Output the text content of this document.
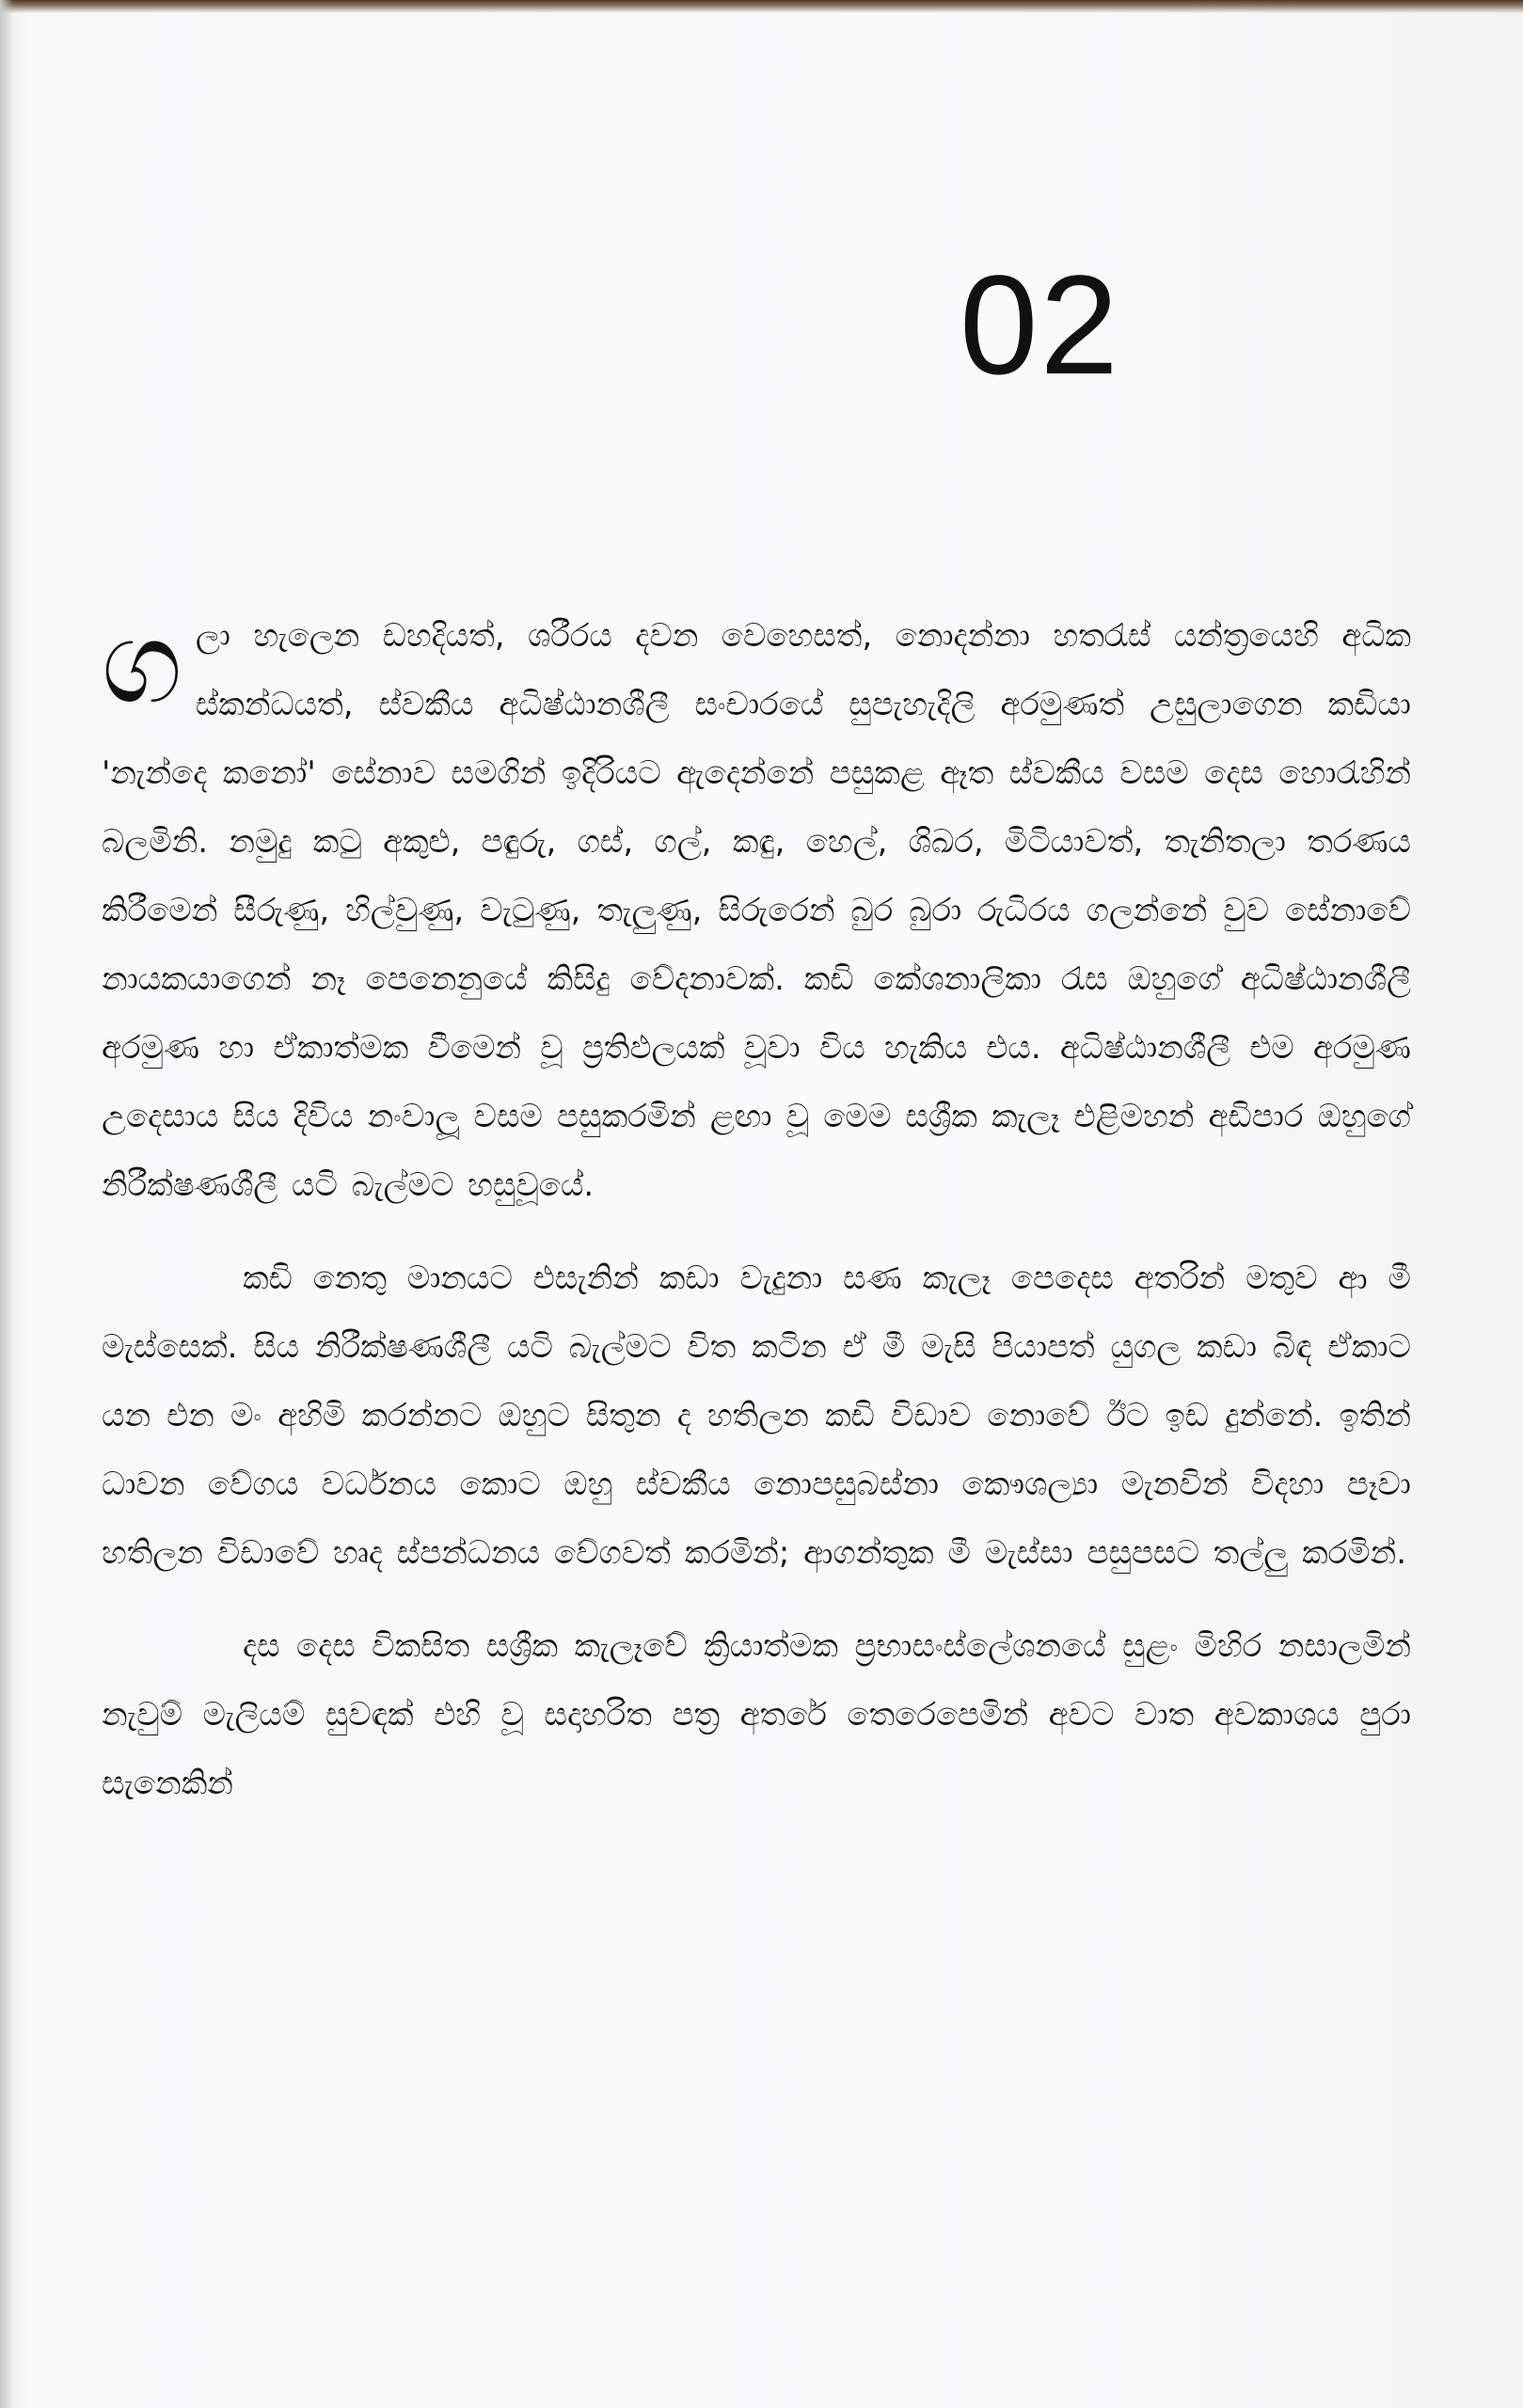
02

ගලා හැලෙන ඩහදියත්, ශරීරය දවන වෙහෙසත්, නොදන්නා හතරැස් යන්ත්‍රයෙහි අධික ස්කන්ධයත්, ස්වකීය අධිෂ්ඨානශීලී සංචාරයේ සුපැහැදිලි අරමුණත් උසුලාගෙන කඩියා 'නැන්දෙ කනෝ' සේනාව සමගින් ඉදිරියට ඇදෙන්නේ පසුකළ ඈත ස්වකීය වසම දෙස හොරැහින් බලමිනි. නමුදු කටු අකුළු, පඳුරු, ගස්, ගල්, කඳු, හෙල්, ශිඛර, මිටියාවත්, තැනිතලා තරණය කිරීමෙන් සීරුණු, හිල්වුණු, වැටුණු, තැලුණු, සිරුරෙන් බුර බුරා රුධිරය ගලන්නේ වුව සේනාවේ නායකයාගෙන් නෑ පෙනෙනුයේ කිසිදු වේදනාවක්. කඩි කේශනාලිකා රැස ඔහුගේ අධිෂ්ඨානශීලී අරමුණ හා ඒකාත්මක වීමෙන් වූ ප්‍රතිඵලයක් වූවා විය හැකිය එය. අධිෂ්ඨානශීලී එම අරමුණ උදෙසාය සිය දිවිය නංවාලූ වසම පසුකරමින් ළඟා වූ මෙම සශ්‍රීක කැලෑ එළිමහන් අඩිපාර ඔහුගේ නිරීක්ෂණශීලී යටි බැල්මට හසුවූයේ.

කඩි නෙතු මානයට එසැනින් කඩා වැදුනා සණ කැලෑ පෙදෙස අතරින් මතුව ආ මී මැස්සෙක්. සිය නිරීක්ෂණශීලී යටි බැල්මට විත කටින ඒ මී මැසි පියාපත් යුගල කඩා බිඳ ඒකාට යන එන මං අහිමි කරන්නට ඔහුට සිතුන ද හතිලන කඩි විඩාව නොවේ ඊට ඉඩ දුන්නේ. ඉතින් ධාවන වේගය වර්ධනය කොට ඔහු ස්වකීය නොපසුබස්නා කෞශල්‍යා මැනවින් විදහා පෑවා හතිලන විඩාවේ හෘද ස්පන්ධනය වේගවත් කරමින්; ආගන්තුක මී මැස්සා පසුපසට තල්ලු කරමින්.

දස දෙස විකසිත සශ්‍රීක කැලෑවේ ක්‍රියාත්මක ප්‍රභාසංස්ලේශනයේ සුළං මිහිර නසාලමින් නැවුම් මැලියම් සුවඳක් එහි වූ සදාහරිත පත්‍ර අතරේ තෙරෙපෙමින් අවට වාත අවකාශය පුරා සැනෙකින්
